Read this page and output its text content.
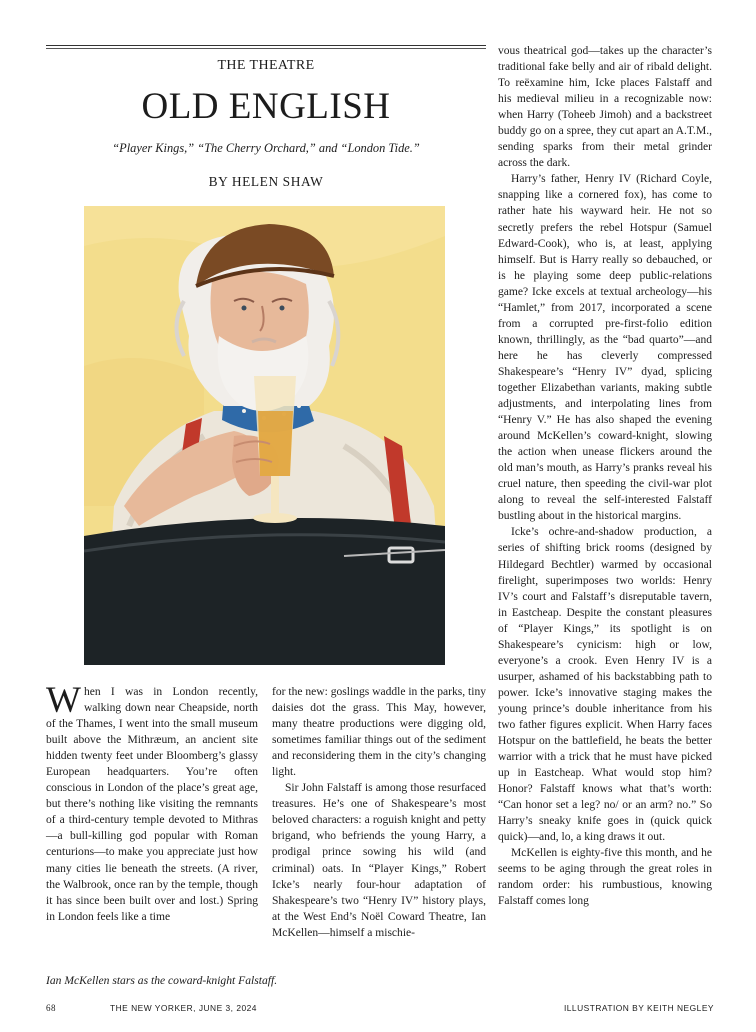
THE THEATRE

OLD ENGLISH

“Player Kings,” “The Cherry Orchard,” and “London Tide.”

BY HELEN SHAW

When I was in London recently, walking down near Cheapside, north of the Thames, I went into the small museum built above the Mithræum, an ancient site hidden twenty feet under Bloomberg’s glassy European headquarters. You’re often conscious in London of the place’s great age, but there’s nothing like visiting the remnants of a third-century temple devoted to Mithras—a bull-killing god popular with Roman centurions—to make you appreciate just how many cities lie beneath the streets. (A river, the Walbrook, once ran by the temple, though it has since been built over and lost.) Spring in London feels like a time

for the new: goslings waddle in the parks, tiny daisies dot the grass. This May, however, many theatre productions were digging old, sometimes familiar things out of the sediment and reconsidering them in the city’s changing light.

Sir John Falstaff is among those resurfaced treasures. He’s one of Shakespeare’s most beloved characters: a roguish knight and petty brigand, who befriends the young Harry, a prodigal prince sowing his wild (and criminal) oats. In “Player Kings,” Robert Icke’s nearly four-hour adaptation of Shakespeare’s two “Henry IV” history plays, at the West End’s Noël Coward Theatre, Ian McKellen—himself a mischie-

vous theatrical god—takes up the character’s traditional fake belly and air of ribald delight. To reëxamine him, Icke places Falstaff and his medieval milieu in a recognizable now: when Harry (Toheeb Jimoh) and a backstreet buddy go on a spree, they cut apart an A.T.M., sending sparks from their metal grinder across the dark.

Harry’s father, Henry IV (Richard Coyle, snapping like a cornered fox), has come to rather hate his wayward heir. He not so secretly prefers the rebel Hotspur (Samuel Edward-Cook), who is, at least, applying himself. But is Harry really so debauched, or is he playing some deep public-relations game? Icke excels at textual archeology—his “Hamlet,” from 2017, incorporated a scene from a corrupted pre-first-folio edition known, thrillingly, as the “bad quarto”—and here he has cleverly compressed Shakespeare’s “Henry IV” dyad, splicing together Elizabethan variants, making subtle adjustments, and interpolating lines from “Henry V.” He has also shaped the evening around McKellen’s coward-knight, slowing the action when unease flickers around the old man’s mouth, as Harry’s pranks reveal his cruel nature, then speeding the civil-war plot along to reveal the self-interested Falstaff bustling about in the historical margins.

Icke’s ochre-and-shadow production, a series of shifting brick rooms (designed by Hildegard Bechtler) warmed by occasional firelight, superimposes two worlds: Henry IV’s court and Falstaff’s disreputable tavern, in Eastcheap. Despite the constant pleasures of “Player Kings,” its spotlight is on Shakespeare’s cynicism: high or low, everyone’s a crook. Even Henry IV is a usurper, ashamed of his backstabbing path to power. Icke’s innovative staging makes the young prince’s double inheritance from his two father figures explicit. When Harry faces Hotspur on the battlefield, he beats the better warrior with a trick that he must have picked up in Eastcheap. What would stop him? Honor? Falstaff knows what that’s worth: “Can honor set a leg? no/ or an arm? no.” So Harry’s sneaky knife goes in (quick quick quick)—and, lo, a king draws it out.

McKellen is eighty-five this month, and he seems to be aging through the great roles in random order: his rumbustious, knowing Falstaff comes long

Ian McKellen stars as the coward-knight Falstaff.
68	THE NEW YORKER, JUNE 3, 2024	ILLUSTRATION BY KEITH NEGLEY
